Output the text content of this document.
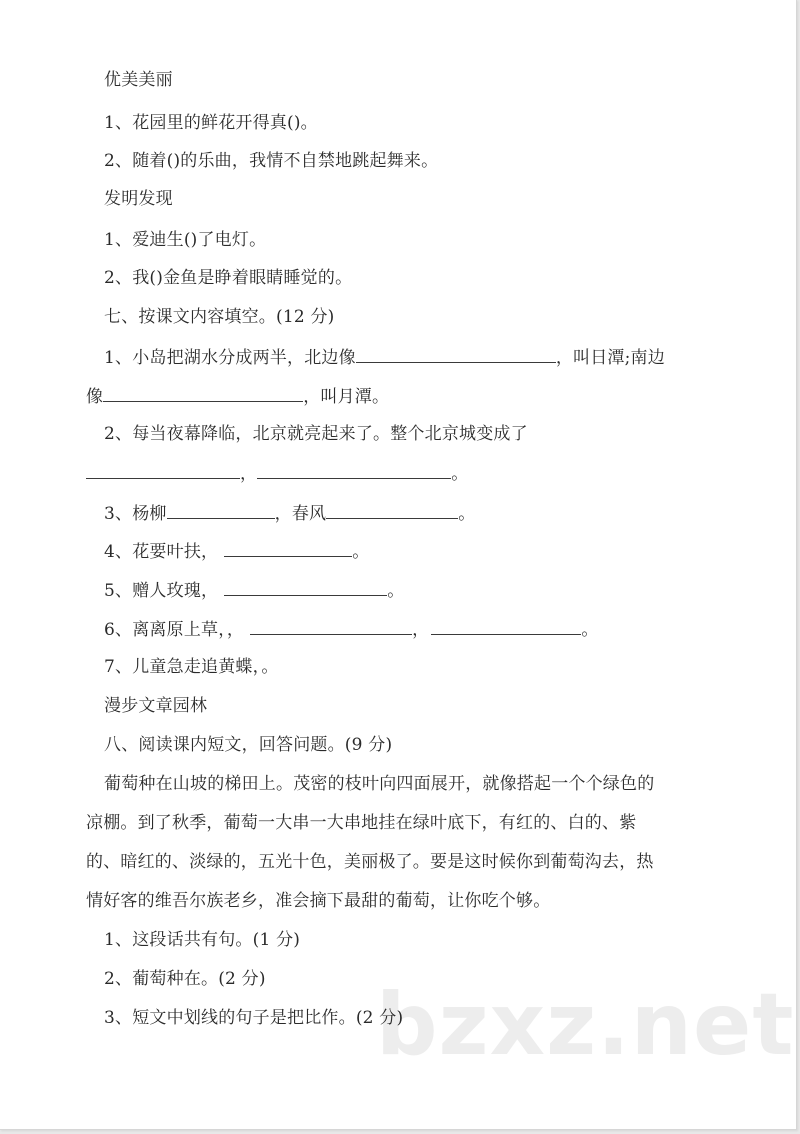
bzxz.net
优美美丽
1、花园里的鲜花开得真()。
2、随着()的乐曲，我情不自禁地跳起舞来。
发明发现
1、爱迪生()了电灯。
2、我()金鱼是睁着眼睛睡觉的。
七、按课文内容填空。(12 分)
1、小岛把湖水分成两半，北边像	，叫日潭;南边
像	，叫月潭。
2、每当夜幕降临，北京就亮起来了。整个北京城变成了
，	。
3、杨柳	，春风	。
4、花要叶扶，	。
5、赠人玫瑰，	。
6、离离原上草，，	，	。
7、儿童急走追黄蝶，。
漫步文章园林
八、阅读课内短文，回答问题。(9 分)
葡萄种在山坡的梯田上。茂密的枝叶向四面展开，就像搭起一个个绿色的
凉棚。到了秋季，葡萄一大串一大串地挂在绿叶底下，有红的、白的、紫
的、暗红的、淡绿的，五光十色，美丽极了。要是这时候你到葡萄沟去，热
情好客的维吾尔族老乡，准会摘下最甜的葡萄，让你吃个够。
1、这段话共有句。(1 分)
2、葡萄种在。(2 分)
3、短文中划线的句子是把比作。(2 分)
